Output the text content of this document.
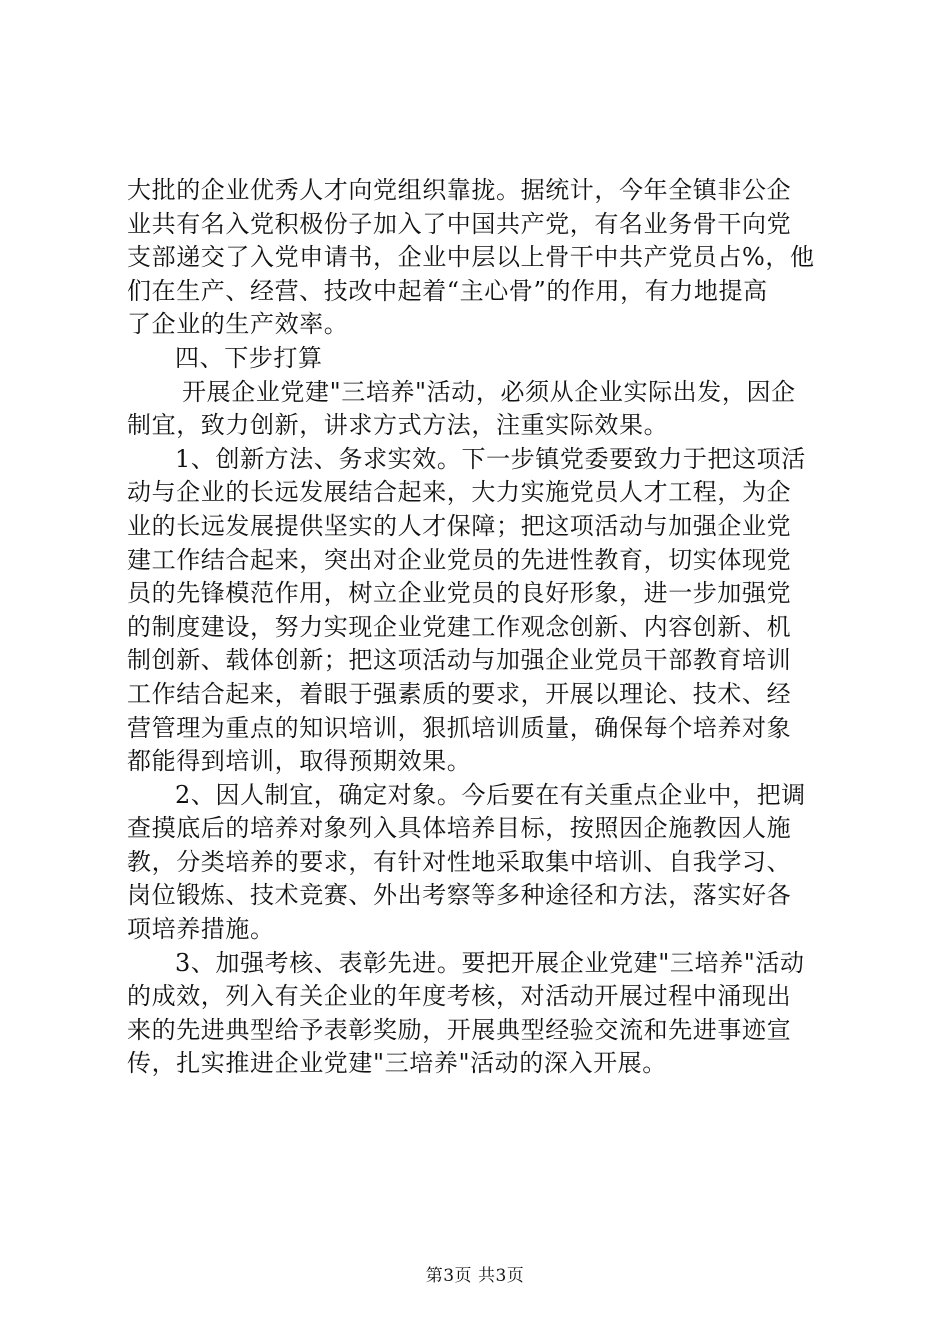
大批的企业优秀人才向党组织靠拢。据统计，今年全镇非公企
业共有名入党积极份子加入了中国共产党，有名业务骨干向党
支部递交了入党申请书，企业中层以上骨干中共产党员占%，他
们在生产、经营、技改中起着“主心骨”的作用，有力地提高
了企业的生产效率。
四、下步打算
开展企业党建"三培养"活动，必须从企业实际出发，因企
制宜，致力创新，讲求方式方法，注重实际效果。
1、创新方法、务求实效。下一步镇党委要致力于把这项活
动与企业的长远发展结合起来，大力实施党员人才工程，为企
业的长远发展提供坚实的人才保障；把这项活动与加强企业党
建工作结合起来，突出对企业党员的先进性教育，切实体现党
员的先锋模范作用，树立企业党员的良好形象，进一步加强党
的制度建设，努力实现企业党建工作观念创新、内容创新、机
制创新、载体创新；把这项活动与加强企业党员干部教育培训
工作结合起来，着眼于强素质的要求，开展以理论、技术、经
营管理为重点的知识培训，狠抓培训质量，确保每个培养对象
都能得到培训，取得预期效果。
2、因人制宜，确定对象。今后要在有关重点企业中，把调
查摸底后的培养对象列入具体培养目标，按照因企施教因人施
教，分类培养的要求，有针对性地采取集中培训、自我学习、
岗位锻炼、技术竞赛、外出考察等多种途径和方法，落实好各
项培养措施。
3、加强考核、表彰先进。要把开展企业党建"三培养"活动
的成效，列入有关企业的年度考核，对活动开展过程中涌现出
来的先进典型给予表彰奖励，开展典型经验交流和先进事迹宣
传，扎实推进企业党建"三培养"活动的深入开展。
第3页 共3页
